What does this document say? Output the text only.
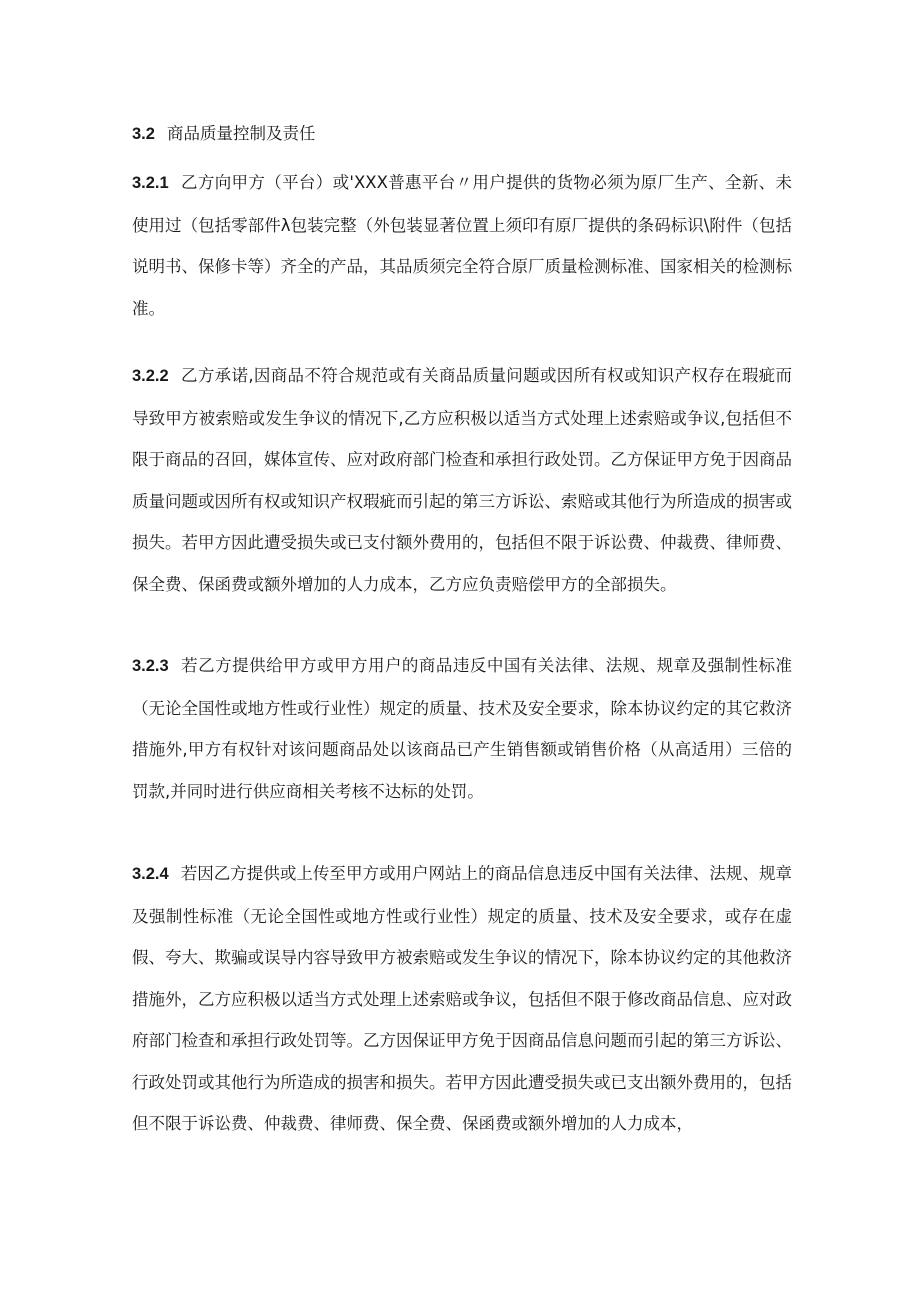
3.2 商品质量控制及责任
3.2.1 乙方向甲方（平台）或'XXX普惠平台〃用户提供的货物必须为原厂生产、全新、未使用过（包括零部件λ包装完整（外包装显著位置上须印有原厂提供的条码标识\附件（包括说明书、保修卡等）齐全的产品，其品质须完全符合原厂质量检测标准、国家相关的检测标准。
3.2.2 乙方承诺,因商品不符合规范或有关商品质量问题或因所有权或知识产权存在瑕疵而导致甲方被索赔或发生争议的情况下,乙方应积极以适当方式处理上述索赔或争议,包括但不限于商品的召回，媒体宣传、应对政府部门检查和承担行政处罚。乙方保证甲方免于因商品质量问题或因所有权或知识产权瑕疵而引起的第三方诉讼、索赔或其他行为所造成的损害或损失。若甲方因此遭受损失或已支付额外费用的，包括但不限于诉讼费、仲裁费、律师费、保全费、保函费或额外增加的人力成本，乙方应负责赔偿甲方的全部损失。
3.2.3 若乙方提供给甲方或甲方用户的商品违反中国有关法律、法规、规章及强制性标准（无论全国性或地方性或行业性）规定的质量、技术及安全要求，除本协议约定的其它救济措施外,甲方有权针对该问题商品处以该商品已产生销售额或销售价格（从高适用）三倍的罚款,并同时进行供应商相关考核不达标的处罚。
3.2.4 若因乙方提供或上传至甲方或用户网站上的商品信息违反中国有关法律、法规、规章及强制性标准（无论全国性或地方性或行业性）规定的质量、技术及安全要求，或存在虚假、夸大、欺骗或误导内容导致甲方被索赔或发生争议的情况下，除本协议约定的其他救济措施外，乙方应积极以适当方式处理上述索赔或争议，包括但不限于修改商品信息、应对政府部门检查和承担行政处罚等。乙方因保证甲方免于因商品信息问题而引起的第三方诉讼、行政处罚或其他行为所造成的损害和损失。若甲方因此遭受损失或已支出额外费用的，包括但不限于诉讼费、仲裁费、律师费、保全费、保函费或额外增加的人力成本，
